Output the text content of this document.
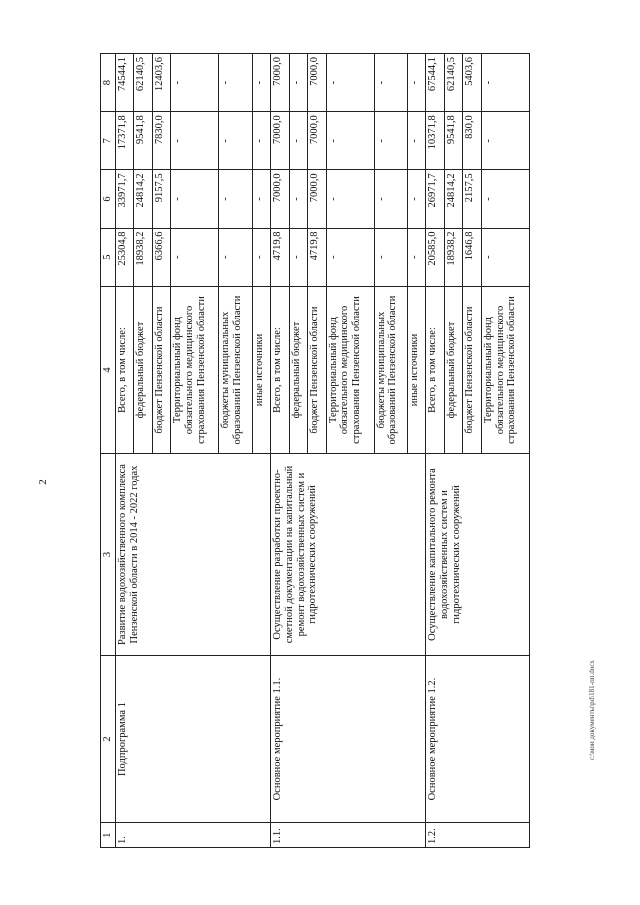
2
c:\мои документы\pd\181-пп.docx
1	2	3	4	5	6	7	8
1.	Подпрограмма 1	Развитие водохозяйственного комплекса Пензенской области в 2014 - 2022 годах	Всего, в том числе:	25304,8	33971,7	17371,8	74544,1
			федеральный бюджет	18938,2	24814,2	9541,8	62140,5
			бюджет Пензенской области	6366,6	9157,5	7830,0	12403,6
			Территориальный фонд обязательного медицинского страхования Пензенской области	-	-	-	-
			бюджеты муниципальных образований Пензенской области	-	-	-	-
			иные источники	-	-	-	-
1.1.	Основное мероприятие 1.1.	Осуществление разработки проектно-сметной документации на капитальный ремонт водохозяйственных систем и гидротехнических сооружений	Всего, в том числе:	4719,8	7000,0	7000,0	7000,0
			федеральный бюджет	-	-	-	-
			бюджет Пензенской области	4719,8	7000,0	7000,0	7000,0
			Территориальный фонд обязательного медицинского страхования Пензенской области	-	-	-	-
			бюджеты муниципальных образований Пензенской области	-	-	-	-
			иные источники	-	-	-	-
1.2.	Основное мероприятие 1.2.	Осуществление капитального ремонта водохозяйственных систем и гидротехнических сооружений	Всего, в том числе:	20585,0	26971,7	10371,8	67544,1
			федеральный бюджет	18938,2	24814,2	9541,8	62140,5
			бюджет Пензенской области	1646,8	2157,5	830,0	5403,6
			Территориальный фонд обязательного медицинского страхования Пензенской области	-	-	-	-
